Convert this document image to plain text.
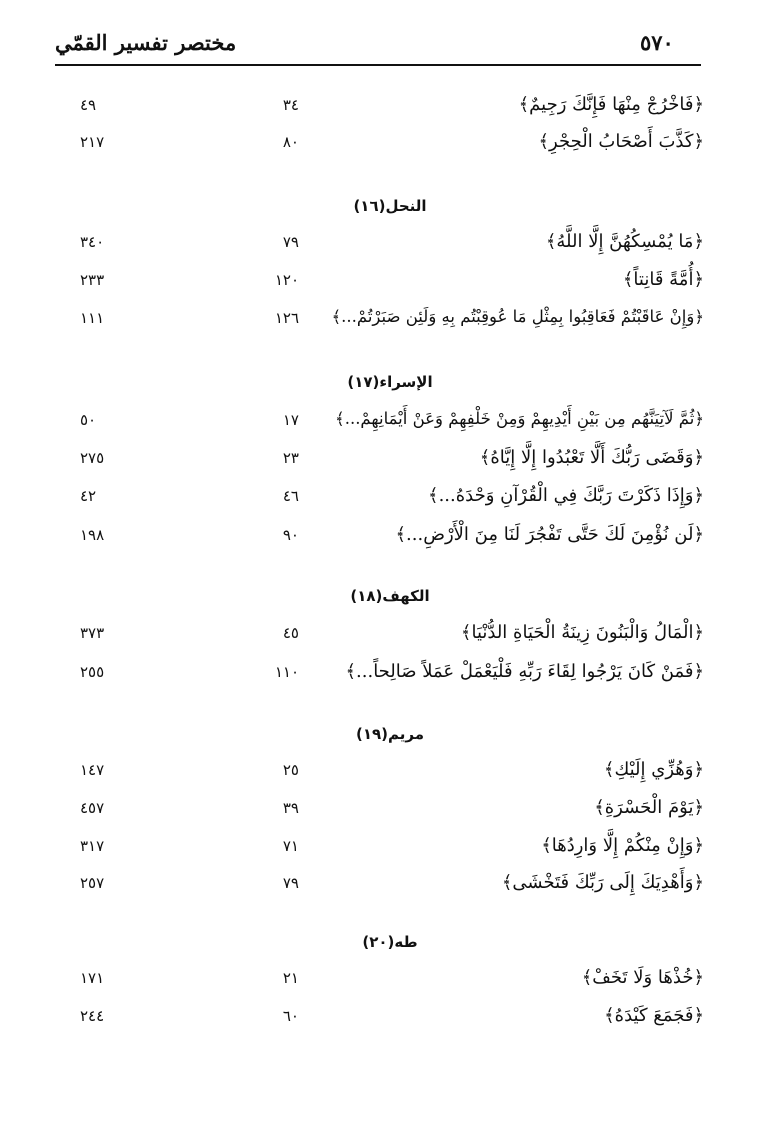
٥٧٠
مختصر تفسير القمّي
﴿فَاخْرُجْ مِنْهَا فَإِنَّكَ رَجِيمٌ﴾
٣٤
٤٩
﴿كَذَّبَ أَصْحَابُ الْحِجْرِ﴾
٨٠
٢١٧
النحل(١٦)
﴿مَا يُمْسِكُهُنَّ إِلَّا اللَّهُ﴾
٧٩
٣٤٠
﴿أُمَّةً قَانِتاً﴾
١٢٠
٢٣٣
﴿وَإِنْ عَاقَبْتُمْ فَعَاقِبُوا بِمِثْلِ مَا عُوقِبْتُم بِهِ وَلَئِن صَبَرْتُمْ...﴾
١٢٦
١١١
الإسراء(١٧)
﴿ثُمَّ لَآتِيَنَّهُم مِن بَيْنِ أَيْدِيهِمْ وَمِنْ خَلْفِهِمْ وَعَنْ أَيْمَانِهِمْ...﴾
١٧
٥٠
﴿وَقَضَى رَبُّكَ أَلَّا تَعْبُدُوا إِلَّا إِيَّاهُ﴾
٢٣
٢٧٥
﴿وَإِذَا ذَكَرْتَ رَبَّكَ فِي الْقُرْآنِ وَحْدَهُ...﴾
٤٦
٤٢
﴿لَن نُؤْمِنَ لَكَ حَتَّى تَفْجُرَ لَنَا مِنَ الْأَرْضِ...﴾
٩٠
١٩٨
الكهف(١٨)
﴿الْمَالُ وَالْبَنُونَ زِينَةُ الْحَيَاةِ الدُّنْيَا﴾
٤٥
٣٧٣
﴿فَمَنْ كَانَ يَرْجُوا لِقَاءَ رَبِّهِ فَلْيَعْمَلْ عَمَلاً صَالِحاً...﴾
١١٠
٢٥٥
مريم(١٩)
﴿وَهُزِّي إِلَيْكِ﴾
٢٥
١٤٧
﴿يَوْمَ الْحَسْرَةِ﴾
٣٩
٤٥٧
﴿وَإِنْ مِنْكُمْ إِلَّا وَارِدُهَا﴾
٧١
٣١٧
﴿وَأَهْدِيَكَ إِلَى رَبِّكَ فَتَخْشَى﴾
٧٩
٢٥٧
طه(٢٠)
﴿خُذْهَا وَلَا تَخَفْ﴾
٢١
١٧١
﴿فَجَمَعَ كَيْدَهُ﴾
٦٠
٢٤٤
